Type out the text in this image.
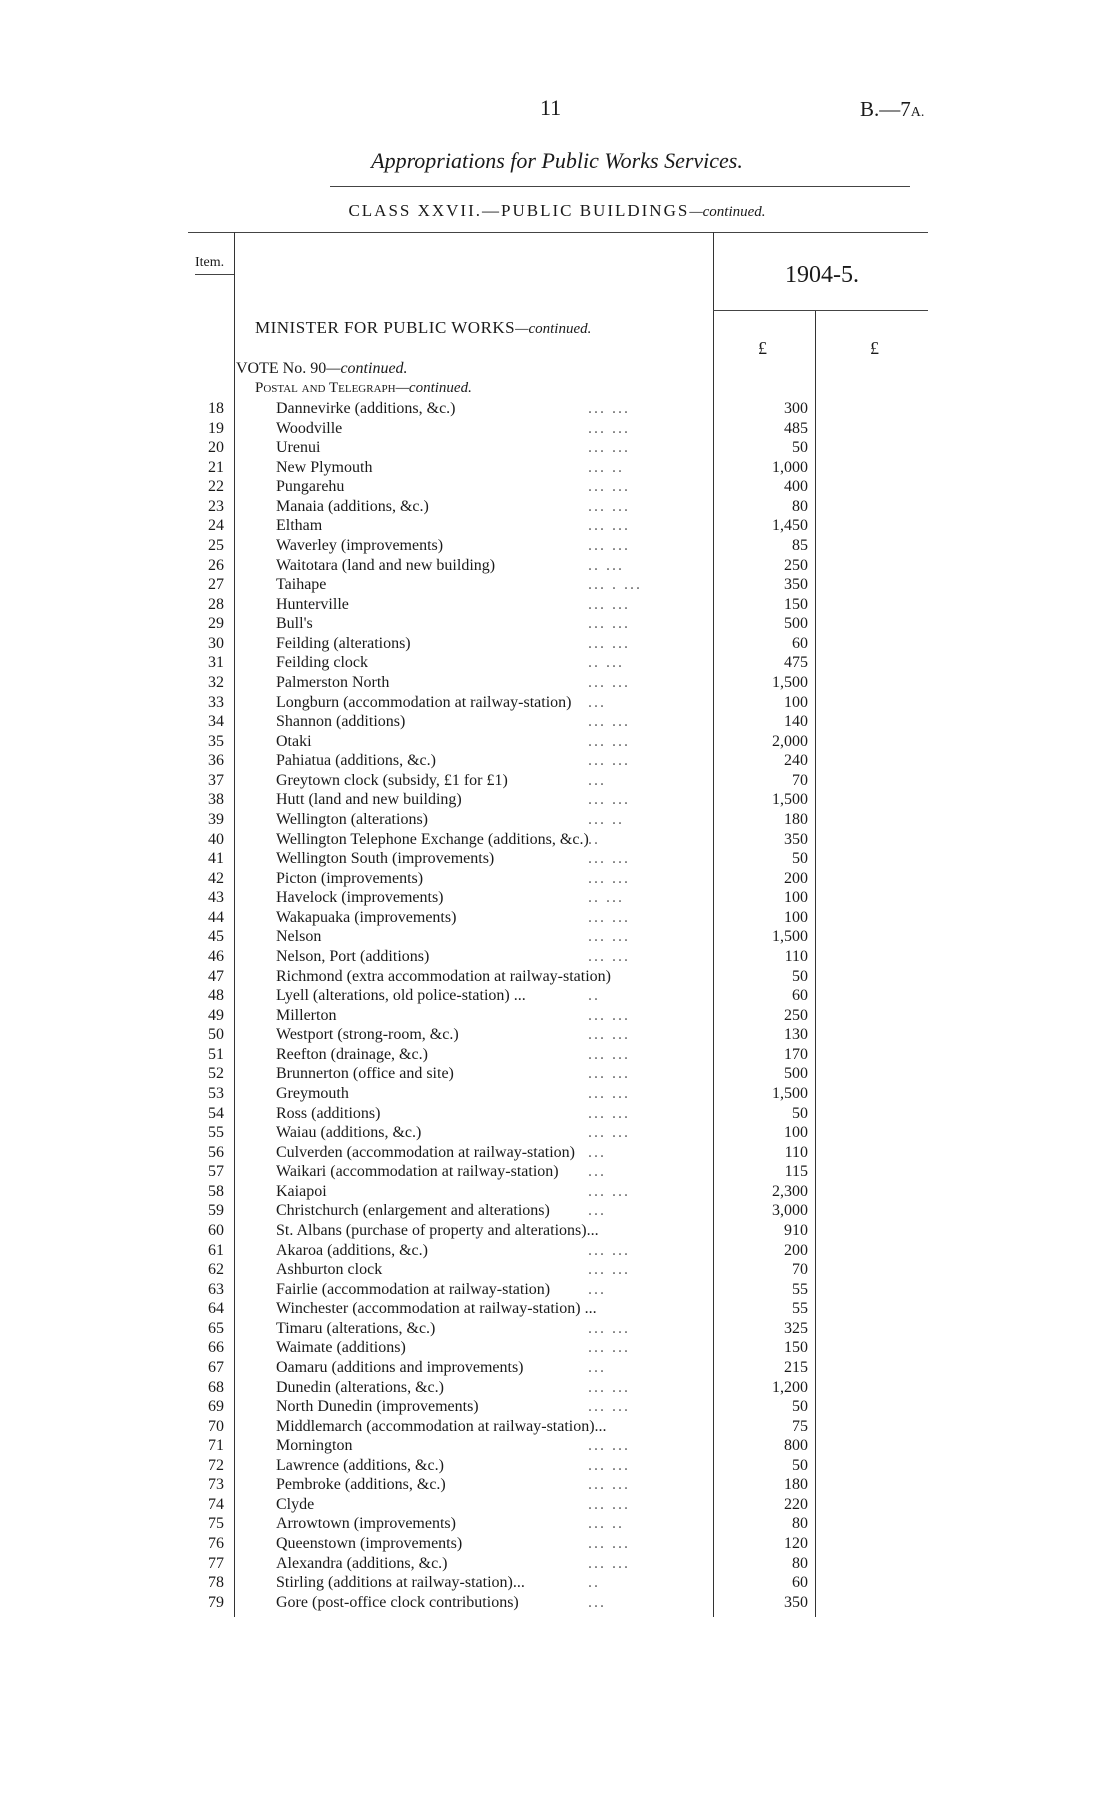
11	B.—7A.
Appropriations for Public Works Services.
CLASS XXVII.—PUBLIC BUILDINGS—continued.
Item.	1904-5.
MINISTER FOR PUBLIC WORKS—continued.
£	£
VOTE No. 90—continued.
Postal and Telegraph—continued.
18	Dannevirke (additions, &c.)	... ...	300
19	Woodville	... ...	485
20	Urenui	... ...	50
21	New Plymouth	... ..	1,000
22	Pungarehu	... ...	400
23	Manaia (additions, &c.)	... ...	80
24	Eltham	... ...	1,450
25	Waverley (improvements)	... ...	85
26	Waitotara (land and new building)	.. ...	250
27	Taihape	... . ...	350
28	Hunterville	... ...	150
29	Bull's	... ...	500
30	Feilding (alterations)	... ...	60
31	Feilding clock	.. ...	475
32	Palmerston North	... ...	1,500
33	Longburn (accommodation at railway-station) ...	100
34	Shannon (additions)	... ...	140
35	Otaki	... ...	2,000
36	Pahiatua (additions, &c.)	... ...	240
37	Greytown clock (subsidy, £1 for £1)	...	70
38	Hutt (land and new building)	... ...	1,500
39	Wellington (alterations)	... ..	180
40	Wellington Telephone Exchange (additions, &c.) ..	350
41	Wellington South (improvements)	... ...	50
42	Picton (improvements)	... ...	200
43	Havelock (improvements)	.. ...	100
44	Wakapuaka (improvements)	... ...	100
45	Nelson	... ...	1,500
46	Nelson, Port (additions)	... ...	110
47	Richmond (extra accommodation at railway-station)	50
48	Lyell (alterations, old police-station) ...	..	60
49	Millerton	... ...	250
50	Westport (strong-room, &c.)	... ...	130
51	Reefton (drainage, &c.)	... ...	170
52	Brunnerton (office and site)	... ...	500
53	Greymouth	... ...	1,500
54	Ross (additions)	... ...	50
55	Waiau (additions, &c.)	... ...	100
56	Culverden (accommodation at railway-station) ...	110
57	Waikari (accommodation at railway-station) ...	115
58	Kaiapoi	... ...	2,300
59	Christchurch (enlargement and alterations) ...	3,000
60	St. Albans (purchase of property and alterations)...	910
61	Akaroa (additions, &c.)	... ...	200
62	Ashburton clock	... ...	70
63	Fairlie (accommodation at railway-station) ...	55
64	Winchester (accommodation at railway-station) ...	55
65	Timaru (alterations, &c.)	... ...	325
66	Waimate (additions)	... ...	150
67	Oamaru (additions and improvements)	...	215
68	Dunedin (alterations, &c.)	... ...	1,200
69	North Dunedin (improvements)	... ...	50
70	Middlemarch (accommodation at railway-station)...	75
71	Mornington	... ...	800
72	Lawrence (additions, &c.)	... ...	50
73	Pembroke (additions, &c.)	... ...	180
74	Clyde	... ...	220
75	Arrowtown (improvements)	... ..	80
76	Queenstown (improvements)	... ...	120
77	Alexandra (additions, &c.)	... ...	80
78	Stirling (additions at railway-station)...	..	60
79	Gore (post-office clock contributions)	...	350
